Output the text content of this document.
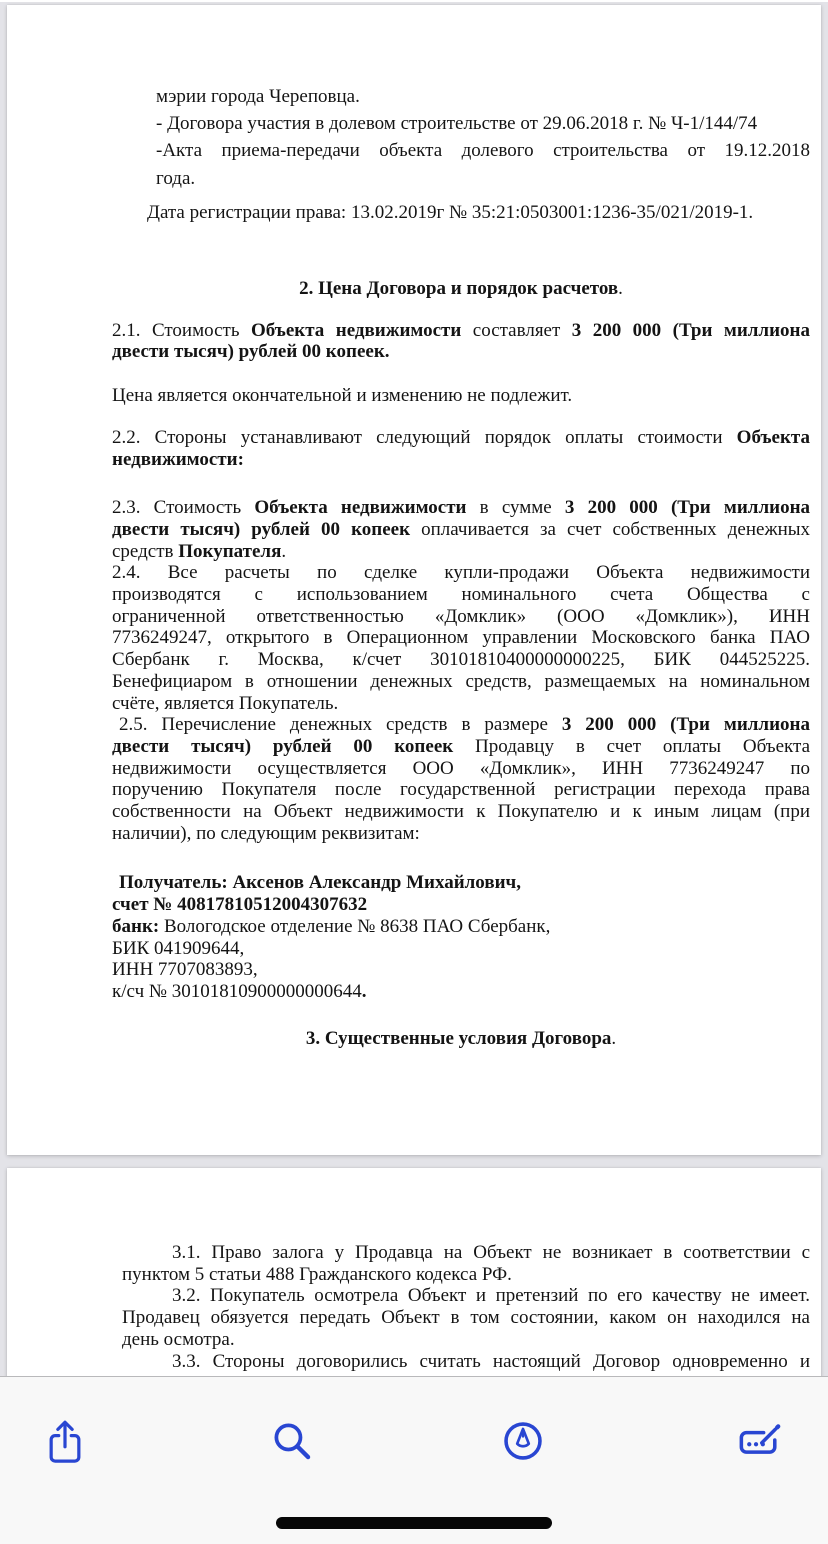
мэрии города Череповца.
- Договора участия в долевом строительстве от 29.06.2018 г. № Ч-1/144/74
-Акта приема-передачи объекта долевого строительства от 19.12.2018
года.
Дата регистрации права: 13.02.2019г № 35:21:0503001:1236-35/021/2019-1.
2. Цена Договора и порядок расчетов.
2.1. Стоимость Объекта недвижимости составляет 3 200 000 (Три миллиона
двести тысяч) рублей 00 копеек.
Цена является окончательной и изменению не подлежит.
2.2. Стороны устанавливают следующий порядок оплаты стоимости Объекта
недвижимости:
2.3. Стоимость Объекта недвижимости в сумме 3 200 000 (Три миллиона
двести тысяч) рублей 00 копеек оплачивается за счет собственных денежных
средств Покупателя.
2.4. Все расчеты по сделке купли-продажи Объекта недвижимости
производятся с использованием номинального счета Общества с
ограниченной ответственностью «Домклик» (ООО «Домклик»), ИНН
7736249247, открытого в Операционном управлении Московского банка ПАО
Сбербанк г. Москва, к/счет 30101810400000000225, БИК 044525225.
Бенефициаром в отношении денежных средств, размещаемых на номинальном
счёте, является Покупатель.
2.5. Перечисление денежных средств в размере 3 200 000 (Три миллиона
двести тысяч) рублей 00 копеек Продавцу в счет оплаты Объекта
недвижимости осуществляется ООО «Домклик», ИНН 7736249247 по
поручению Покупателя после государственной регистрации перехода права
собственности на Объект недвижимости к Покупателю и к иным лицам (при
наличии), по следующим реквизитам:
Получатель: Аксенов Александр Михайлович,
счет № 40817810512004307632
банк: Вологодское отделение № 8638 ПАО Сбербанк,
БИК 041909644,
ИНН 7707083893,
к/сч № 30101810900000000644.
3. Существенные условия Договора.
3.1. Право залога у Продавца на Объект не возникает в соответствии с
пунктом 5 статьи 488 Гражданского кодекса РФ.
3.2. Покупатель осмотрела Объект и претензий по его качеству не имеет.
Продавец обязуется передать Объект в том состоянии, каком он находился на
день осмотра.
3.3. Стороны договорились считать настоящий Договор одновременно и
